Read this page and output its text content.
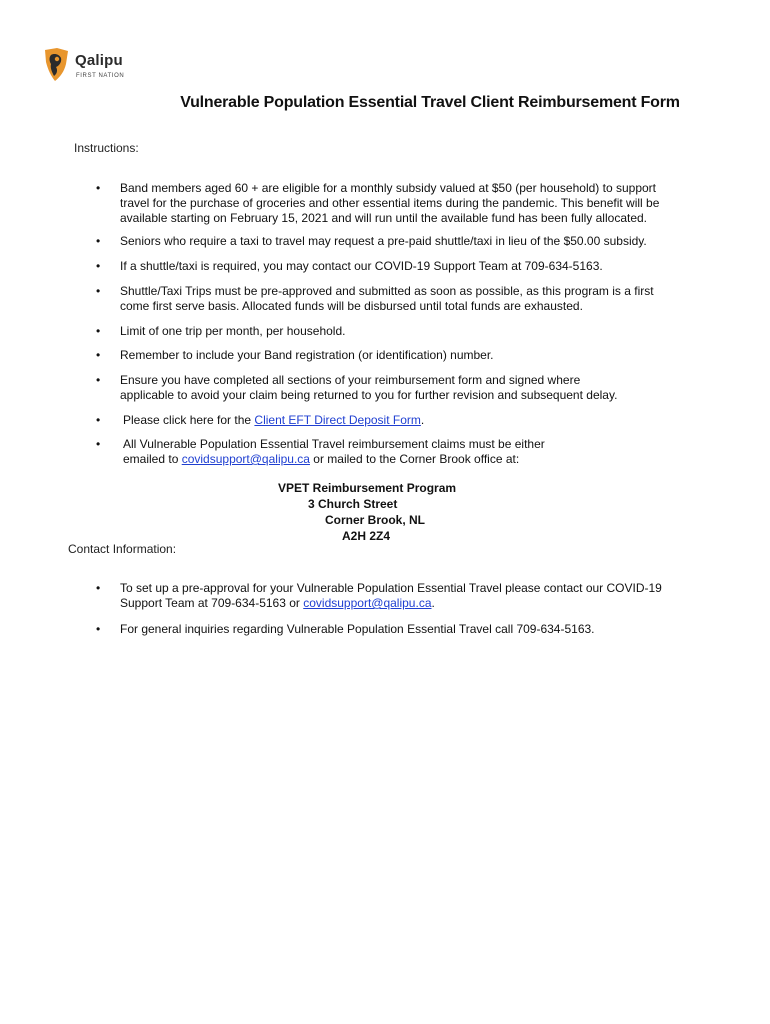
Qalipu
FIRST NATION
Vulnerable Population Essential Travel Client Reimbursement Form
Instructions:
• Band members aged 60 + are eligible for a monthly subsidy valued at $50 (per household) to support
travel for the purchase of groceries and other essential items during the pandemic. This benefit will be
available starting on February 15, 2021 and will run until the available fund has been fully allocated.
• Seniors who require a taxi to travel may request a pre-paid shuttle/taxi in lieu of the $50.00 subsidy.
• If a shuttle/taxi is required, you may contact our COVID-19 Support Team at 709-634-5163.
• Shuttle/Taxi Trips must be pre-approved and submitted as soon as possible, as this program is a first
come first serve basis. Allocated funds will be disbursed until total funds are exhausted.
• Limit of one trip per month, per household.
• Remember to include your Band registration (or identification) number.
• Ensure you have completed all sections of your reimbursement form and signed where
applicable to avoid your claim being returned to you for further revision and subsequent delay.
• Please click here for the Client EFT Direct Deposit Form.
• All Vulnerable Population Essential Travel reimbursement claims must be either
emailed to covidsupport@qalipu.ca or mailed to the Corner Brook office at:
VPET Reimbursement Program
3 Church Street
Corner Brook, NL
A2H 2Z4
Contact Information:
• To set up a pre-approval for your Vulnerable Population Essential Travel please contact our COVID-19
Support Team at 709-634-5163 or covidsupport@qalipu.ca.
• For general inquiries regarding Vulnerable Population Essential Travel call 709-634-5163.
